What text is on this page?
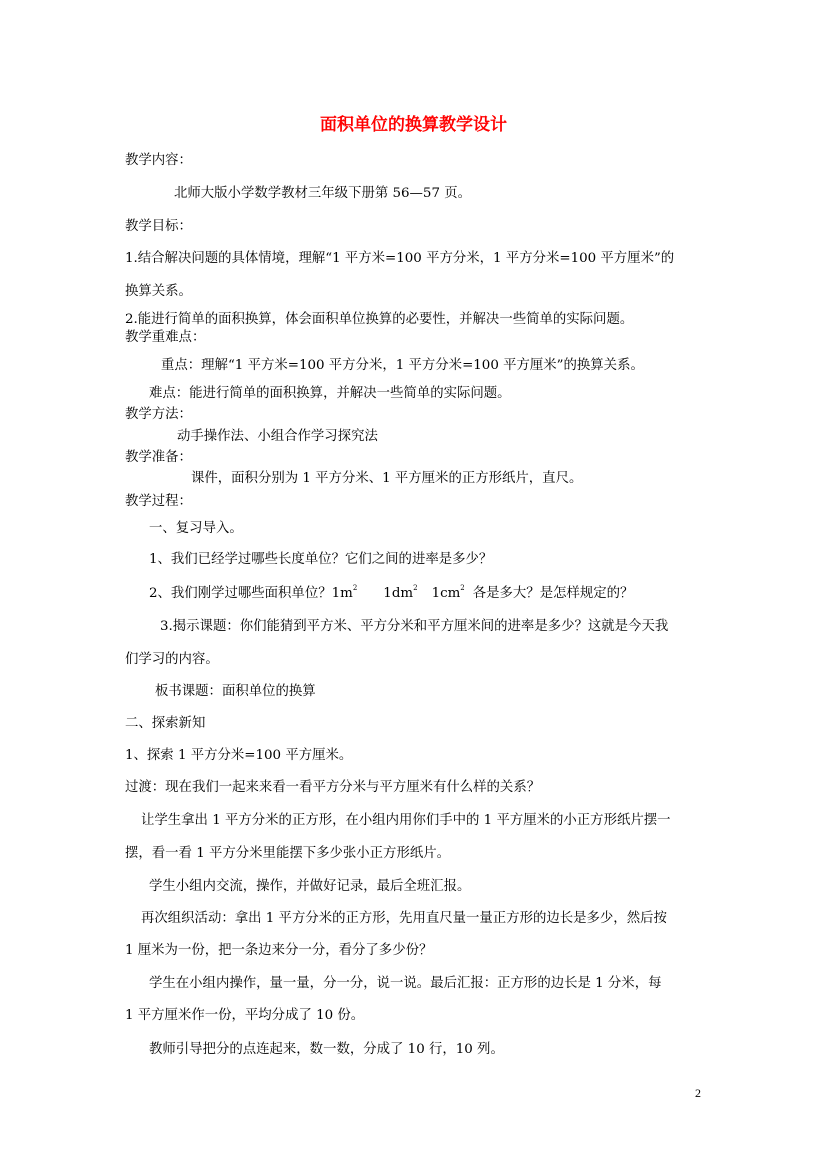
面积单位的换算教学设计
教学内容：
北师大版小学数学教材三年级下册第 56—57 页。
教学目标：
1.结合解决问题的具体情境，理解“1 平方米=100 平方分米，1 平方分米=100 平方厘米”的
换算关系。
2.能进行简单的面积换算，体会面积单位换算的必要性，并解决一些简单的实际问题。
教学重难点：
重点：理解“1 平方米=100 平方分米，1 平方分米=100 平方厘米”的换算关系。
难点：能进行简单的面积换算，并解决一些简单的实际问题。
教学方法：
动手操作法、小组合作学习探究法
教学准备：
课件，面积分别为 1 平方分米、1 平方厘米的正方形纸片，直尺。
教学过程：
一、复习导入。
1、我们已经学过哪些长度单位？它们之间的进率是多少？
2、我们刚学过哪些面积单位？$1m^2$ $1dm^2$ $1cm^2$ 各是多大？是怎样规定的？
3.揭示课题：你们能猜到平方米、平方分米和平方厘米间的进率是多少？这就是今天我
们学习的内容。
板书课题：面积单位的换算
二、探索新知
1、探索 1 平方分米=100 平方厘米。
过渡：现在我们一起来来看一看平方分米与平方厘米有什么样的关系？
让学生拿出 1 平方分米的正方形，在小组内用你们手中的 1 平方厘米的小正方形纸片摆一
摆，看一看 1 平方分米里能摆下多少张小正方形纸片。
学生小组内交流，操作，并做好记录，最后全班汇报。
再次组织活动：拿出 1 平方分米的正方形，先用直尺量一量正方形的边长是多少，然后按
1 厘米为一份，把一条边来分一分，看分了多少份？
学生在小组内操作，量一量，分一分，说一说。最后汇报：正方形的边长是 1 分米，每
1 平方厘米作一份，平均分成了 10 份。
教师引导把分的点连起来，数一数，分成了 10 行，10 列。
2
